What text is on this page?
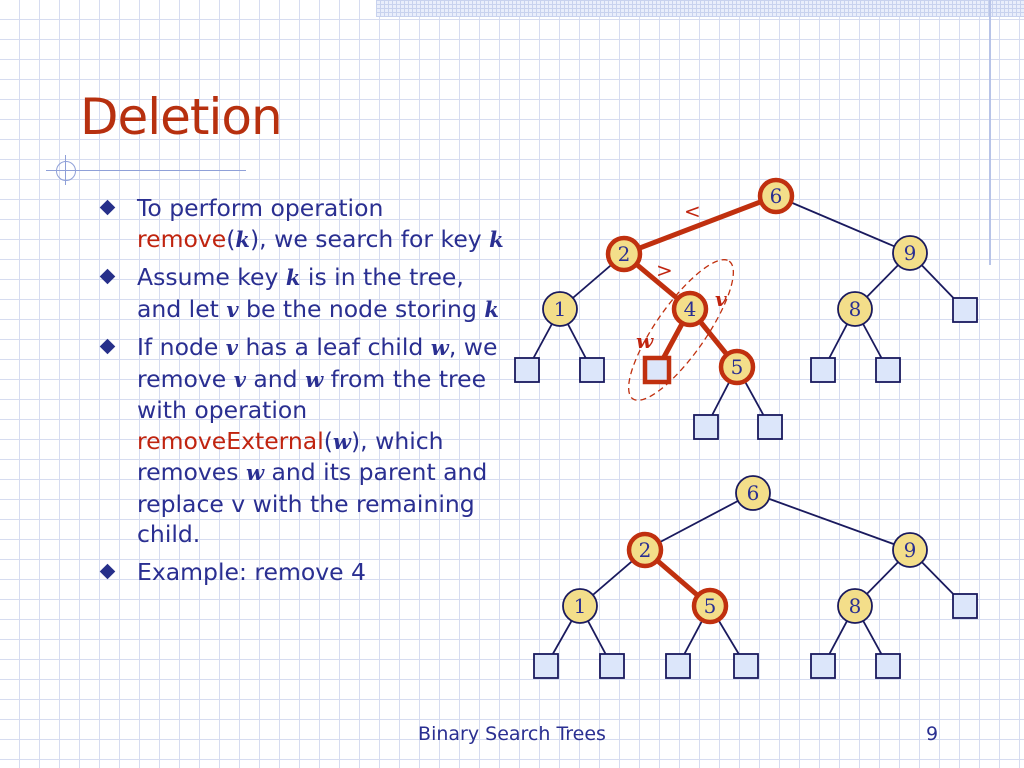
Deletion
To perform operation remove(k), we search for key k
Assume key k is in the tree, and let v be the node storing k
If node v has a leaf child w, we remove v and w from the tree with operation removeExternal(w), which removes w and its parent and replace v with the remaining child.
Example: remove 4
6
2	9
1	4	8
5
<
>
v
w
6
2	9
1	5	8
Binary Search Trees	9
